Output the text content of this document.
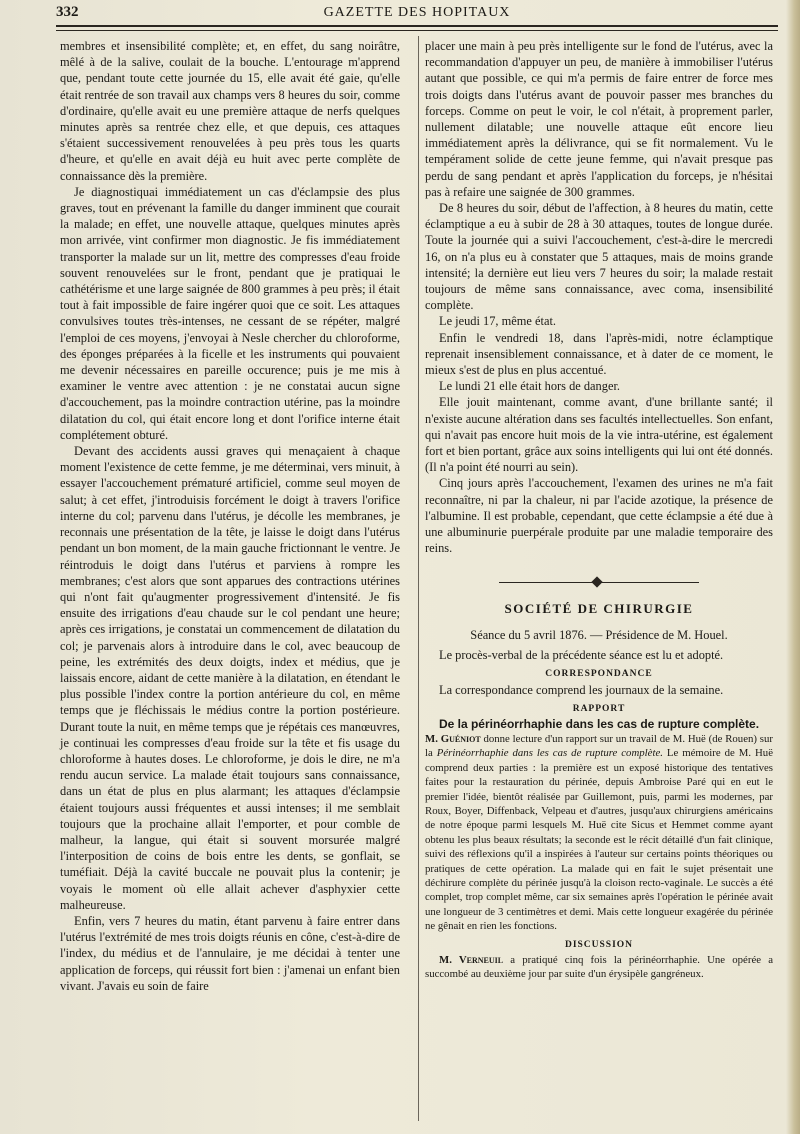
332	GAZETTE DES HOPITAUX

membres et insensibilité complète; et, en effet, du sang noirâtre, mêlé à de la salive, coulait de la bouche. L'entourage m'apprend que, pendant toute cette journée du 15, elle avait été gaie, qu'elle était rentrée de son travail aux champs vers 8 heures du soir, comme d'ordinaire, qu'elle avait eu une première attaque de nerfs quelques minutes après sa rentrée chez elle, et que depuis, ces attaques s'étaient successivement renouvelées à peu près tous les quarts d'heure, et qu'elle en avait déjà eu huit avec perte complète de connaissance dès la première.

Je diagnostiquai immédiatement un cas d'éclampsie des plus graves, tout en prévenant la famille du danger imminent que courait la malade; en effet, une nouvelle attaque, quelques minutes après mon arrivée, vint confirmer mon diagnostic. Je fis immédiatement transporter la malade sur un lit, mettre des compresses d'eau froide souvent renouvelées sur le front, pendant que je pratiquai le cathétérisme et une large saignée de 800 grammes à peu près; il était tout à fait impossible de faire ingérer quoi que ce soit. Les attaques convulsives toutes très-intenses, ne cessant de se répéter, malgré l'emploi de ces moyens, j'envoyai à Nesle chercher du chloroforme, des éponges préparées à la ficelle et les instruments qui pouvaient me devenir nécessaires en pareille occurence; puis je me mis à examiner le ventre avec attention : je ne constatai aucun signe d'accouchement, pas la moindre contraction utérine, pas la moindre dilatation du col, qui était encore long et dont l'orifice interne était complétement obturé.

Devant des accidents aussi graves qui menaçaient à chaque moment l'existence de cette femme, je me déterminai, vers minuit, à essayer l'accouchement prématuré artificiel, comme seul moyen de salut; à cet effet, j'introduisis forcément le doigt à travers l'orifice interne du col; parvenu dans l'utérus, je décolle les membranes, je reconnais une présentation de la tête, je laisse le doigt dans l'utérus pendant un bon moment, de la main gauche frictionnant le ventre. Je réintroduis le doigt dans l'utérus et parviens à rompre les membranes; c'est alors que sont apparues des contractions utérines qui n'ont fait qu'augmenter progressivement d'intensité. Je fis ensuite des irrigations d'eau chaude sur le col pendant une heure; après ces irrigations, je constatai un commencement de dilatation du col; je parvenais alors à introduire dans le col, avec beaucoup de peine, les extrémités des deux doigts, index et médius, que je laissais encore, aidant de cette manière à la dilatation, en étendant le plus possible l'index contre la portion antérieure du col, en même temps que je fléchissais le médius contre la portion postérieure. Durant toute la nuit, en même temps que je répétais ces manœuvres, je continuai les compresses d'eau froide sur la tête et fis usage du chloroforme à hautes doses. Le chloroforme, je dois le dire, ne m'a rendu aucun service. La malade était toujours sans connaissance, dans un état de plus en plus alarmant; les attaques d'éclampsie étaient toujours aussi fréquentes et aussi intenses; il me semblait toujours que la prochaine allait l'emporter, et pour comble de malheur, la langue, qui était si souvent morsurée malgré l'interposition de coins de bois entre les dents, se gonflait, se tuméfiait. Déjà la cavité buccale ne pouvait plus la contenir; je voyais le moment où elle allait achever d'asphyxier cette malheureuse.

Enfin, vers 7 heures du matin, étant parvenu à faire entrer dans l'utérus l'extrémité de mes trois doigts réunis en cône, c'est-à-dire de l'index, du médius et de l'annulaire, je me décidai à tenter une application de forceps, qui réussit fort bien : j'amenai un enfant bien vivant. J'avais eu soin de faire

placer une main à peu près intelligente sur le fond de l'utérus, avec la recommandation d'appuyer un peu, de manière à immobiliser l'utérus autant que possible, ce qui m'a permis de faire entrer de force mes trois doigts dans l'utérus avant de pouvoir passer mes branches du forceps. Comme on peut le voir, le col n'était, à proprement parler, nullement dilatable; une nouvelle attaque eût encore lieu immédiatement après la délivrance, qui se fit normalement. Vu le tempérament solide de cette jeune femme, qui n'avait presque pas perdu de sang pendant et après l'application du forceps, je n'hésitai pas à refaire une saignée de 300 grammes.

De 8 heures du soir, début de l'affection, à 8 heures du matin, cette éclamptique a eu à subir de 28 à 30 attaques, toutes de longue durée. Toute la journée qui a suivi l'accouchement, c'est-à-dire le mercredi 16, on n'a plus eu à constater que 5 attaques, mais de moins grande intensité; la dernière eut lieu vers 7 heures du soir; la malade restait toujours de même sans connaissance, avec coma, insensibilité complète.

Le jeudi 17, même état.

Enfin le vendredi 18, dans l'après-midi, notre éclamptique reprenait insensiblement connaissance, et à dater de ce moment, le mieux s'est de plus en plus accentué.

Le lundi 21 elle était hors de danger.

Elle jouit maintenant, comme avant, d'une brillante santé; il n'existe aucune altération dans ses facultés intellectuelles. Son enfant, qui n'avait pas encore huit mois de la vie intra-utérine, est également fort et bien portant, grâce aux soins intelligents qui lui ont été donnés. (Il n'a point été nourri au sein).

Cinq jours après l'accouchement, l'examen des urines ne m'a fait reconnaître, ni par la chaleur, ni par l'acide azotique, la présence de l'albumine. Il est probable, cependant, que cette éclampsie a été due à une albuminurie puerpérale produite par une maladie temporaire des reins.

SOCIÉTÉ DE CHIRURGIE
Séance du 5 avril 1876. — Présidence de M. Houel.

Le procès-verbal de la précédente séance est lu et adopté.

CORRESPONDANCE

La correspondance comprend les journaux de la semaine.

RAPPORT
De la périnéorrhaphie dans les cas de rupture complète.

M. Guéniot donne lecture d'un rapport sur un travail de M. Huë (de Rouen) sur la Périnéorrhaphie dans les cas de rupture complète. Le mémoire de M. Huë comprend deux parties : la première est un exposé historique des tentatives faites pour la restauration du périnée, depuis Ambroise Paré qui en eut le premier l'idée, bientôt réalisée par Guillemont, puis, parmi les modernes, par Roux, Boyer, Diffenback, Velpeau et d'autres, jusqu'aux chirurgiens américains de notre époque parmi lesquels M. Huë cite Sicus et Hemmet comme ayant obtenu les plus beaux résultats; la seconde est le récit détaillé d'un fait clinique, suivi des réflexions qu'il a inspirées à l'auteur sur certains points théoriques ou pratiques de cette opération. La malade qui en fait le sujet présentait une déchirure complète du périnée jusqu'à la cloison recto-vaginale. Le succès a été complet, trop complet même, car six semaines après l'opération le périnée avait une longueur de 3 centimètres et demi. Mais cette longueur exagérée du périnée ne gênait en rien les fonctions.

DISCUSSION

M. Verneuil a pratiqué cinq fois la périnéorrhaphie. Une opérée a succombé au deuxième jour par suite d'un érysipèle gangréneux.
